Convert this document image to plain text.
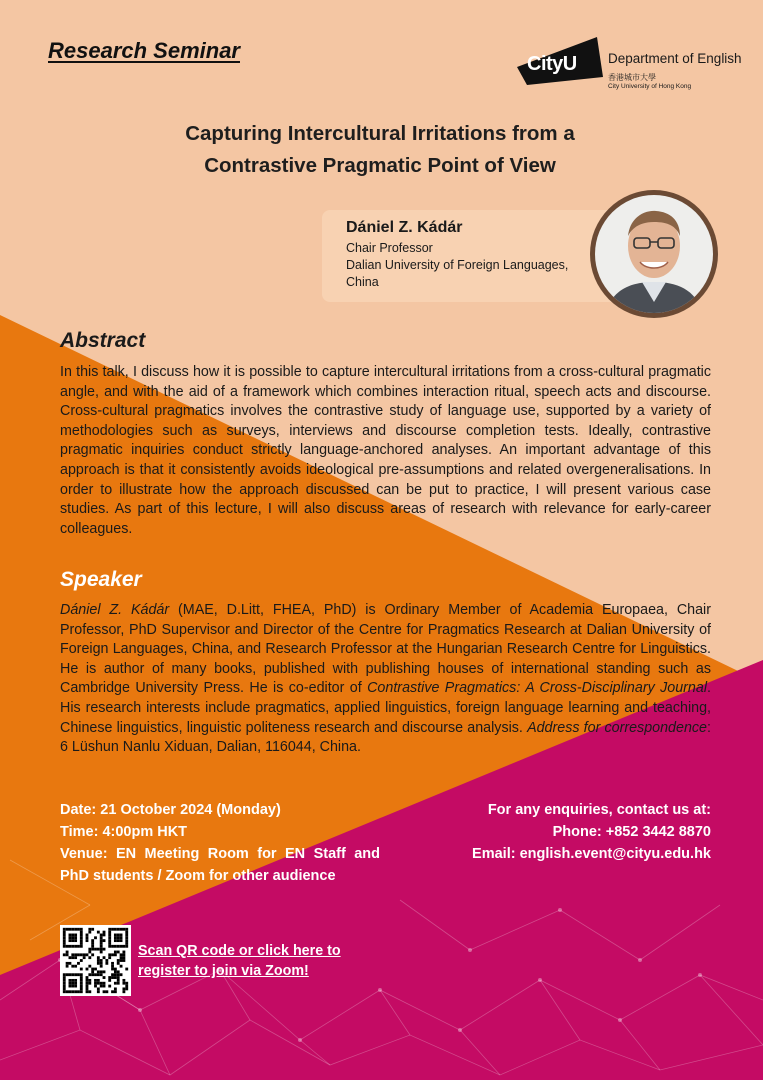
Research Seminar
CityU Department of English
香港城市大學
City University of Hong Kong
Capturing Intercultural Irritations from a
Contrastive Pragmatic Point of View
Dániel Z. Kádár
Chair Professor
Dalian University of Foreign Languages,
China
Abstract
In this talk, I discuss how it is possible to capture intercultural irritations from a cross-cultural pragmatic angle, and with the aid of a framework which combines interaction ritual, speech acts and discourse. Cross-cultural pragmatics involves the contrastive study of language use, supported by a variety of methodologies such as surveys, interviews and discourse completion tests. Ideally, contrastive pragmatic inquiries conduct strictly language-anchored analyses. An important advantage of this approach is that it consistently avoids ideological pre-assumptions and related overgeneralisations. In order to illustrate how the approach discussed can be put to practice, I will present various case studies. As part of this lecture, I will also discuss areas of research with relevance for early-career colleagues.
Speaker
Dániel Z. Kádár (MAE, D.Litt, FHEA, PhD) is Ordinary Member of Academia Europaea, Chair Professor, PhD Supervisor and Director of the Centre for Pragmatics Research at Dalian University of Foreign Languages, China, and Research Professor at the Hungarian Research Centre for Linguistics. He is author of many books, published with publishing houses of international standing such as Cambridge University Press. He is co-editor of Contrastive Pragmatics: A Cross-Disciplinary Journal. His research interests include pragmatics, applied linguistics, foreign language learning and teaching, Chinese linguistics, linguistic politeness research and discourse analysis. Address for correspondence: 6 Lüshun Nanlu Xiduan, Dalian, 116044, China.
Date: 21 October 2024 (Monday)
Time: 4:00pm HKT
Venue: EN Meeting Room for EN Staff and PhD students / Zoom for other audience
For any enquiries, contact us at:
Phone: +852 3442 8870
Email: english.event@cityu.edu.hk
Scan QR code or click here to register to join via Zoom!
